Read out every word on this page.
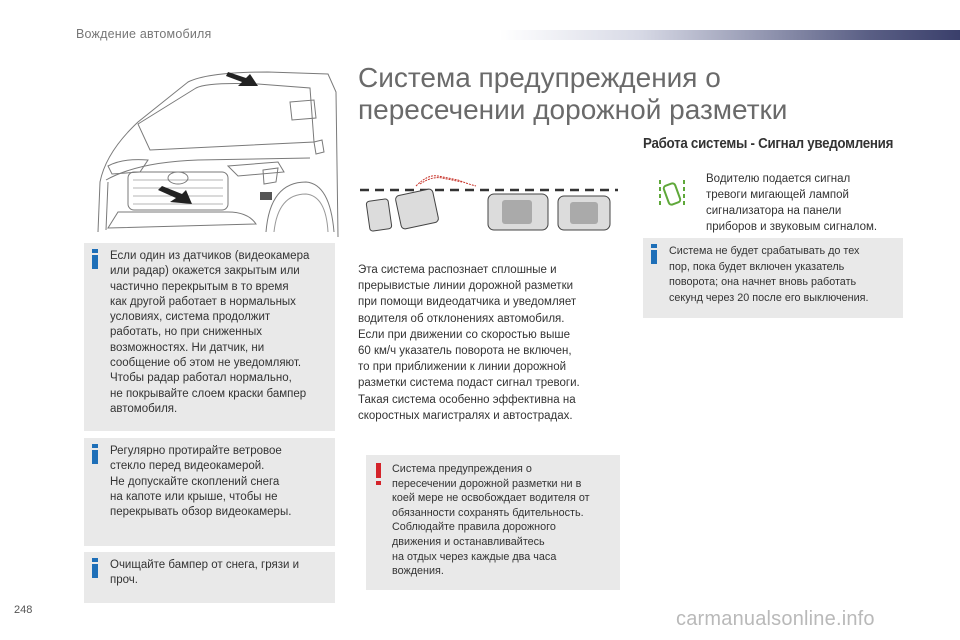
Вождение автомобиля
Если один из датчиков (видеокамера
или радар) окажется закрытым или
частично перекрытым в то время
как другой работает в нормальных
условиях, система продолжит
работать, но при сниженных
возможностях. Ни датчик, ни
сообщение об этом не уведомляют.
Чтобы радар работал нормально,
не покрывайте слоем краски бампер
автомобиля.
Регулярно протирайте ветровое
стекло перед видеокамерой.
Не допускайте скоплений снега
на капоте или крыше, чтобы не
перекрывать обзор видеокамеры.
Очищайте бампер от снега, грязи и
проч.
Система предупреждения о
пересечении дорожной разметки
Эта система распознает сплошные и
прерывистые линии дорожной разметки
при помощи видеодатчика и уведомляет
водителя об отклонениях автомобиля.
Если при движении со скоростью выше
60 км/ч указатель поворота не включен,
то при приближении к линии дорожной
разметки система подаст сигнал тревоги.
Такая система особенно эффективна на
скоростных магистралях и автострадах.
Система предупреждения о
пересечении дорожной разметки ни в
коей мере не освобождает водителя от
обязанности сохранять бдительность.
Соблюдайте правила дорожного
движения и останавливайтесь
на отдых через каждые два часа
вождения.
Работа системы - Сигнал уведомления
Водителю подается сигнал
тревоги мигающей лампой
сигнализатора на панели
приборов и звуковым сигналом.
Система не будет срабатывать до тех
пор, пока будет включен указатель
поворота; она начнет вновь работать
секунд через 20 после его выключения.
248	carmanualsonline.info
